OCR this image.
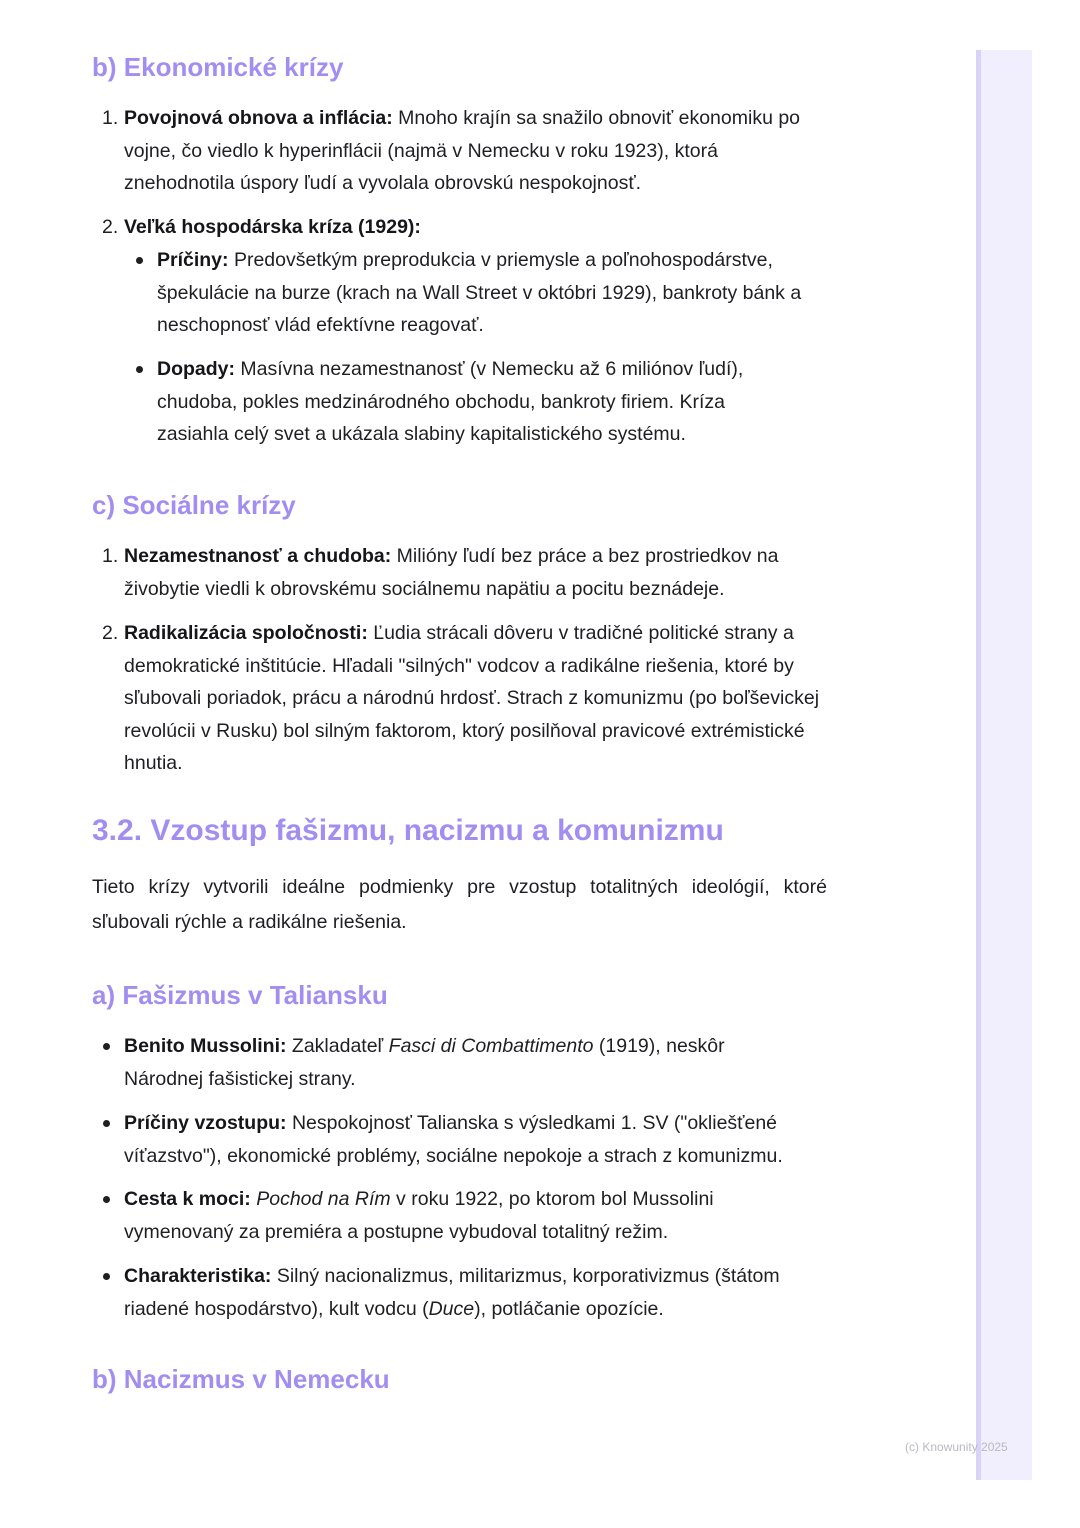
b) Ekonomické krízy
1. Povojnová obnova a inflácia: Mnoho krajín sa snažilo obnoviť ekonomiku po vojne, čo viedlo k hyperinflácii (najmä v Nemecku v roku 1923), ktorá znehodnotila úspory ľudí a vyvolala obrovskú nespokojnosť.
2. Veľká hospodárska kríza (1929):
Príčiny: Predovšetkým preprodukcia v priemysle a poľnohospodárstve, špekulácie na burze (krach na Wall Street v októbri 1929), bankroty bánk a neschopnosť vlád efektívne reagovať.
Dopady: Masívna nezamestnanosť (v Nemecku až 6 miliónov ľudí), chudoba, pokles medzinárodného obchodu, bankroty firiem. Kríza zasiahla celý svet a ukázala slabiny kapitalistického systému.
c) Sociálne krízy
1. Nezamestnanosť a chudoba: Milióny ľudí bez práce a bez prostriedkov na živobytie viedli k obrovskému sociálnemu napätiu a pocitu beznádeje.
2. Radikalizácia spoločnosti: Ľudia strácali dôveru v tradičné politické strany a demokratické inštitúcie. Hľadali "silných" vodcov a radikálne riešenia, ktoré by sľubovali poriadok, prácu a národnú hrdosť. Strach z komunizmu (po boľševickej revolúcii v Rusku) bol silným faktorom, ktorý posilňoval pravicové extrémistické hnutia.
3.2. Vzostup fašizmu, nacizmu a komunizmu

Tieto krízy vytvorili ideálne podmienky pre vzostup totalitných ideológií, ktoré sľubovali rýchle a radikálne riešenia.

a) Fašizmus v Taliansku
Benito Mussolini: Zakladateľ Fasci di Combattimento (1919), neskôr Národnej fašistickej strany.
Príčiny vzostupu: Nespokojnosť Talianska s výsledkami 1. SV ("okliešťené víťazstvo"), ekonomické problémy, sociálne nepokoje a strach z komunizmu.
Cesta k moci: Pochod na Rím v roku 1922, po ktorom bol Mussolini vymenovaný za premiéra a postupne vybudoval totalitný režim.
Charakteristika: Silný nacionalizmus, militarizmus, korporativizmus (štátom riadené hospodárstvo), kult vodcu (Duce), potláčanie opozície.
b) Nacizmus v Nemecku
(c) Knowunity 2025
